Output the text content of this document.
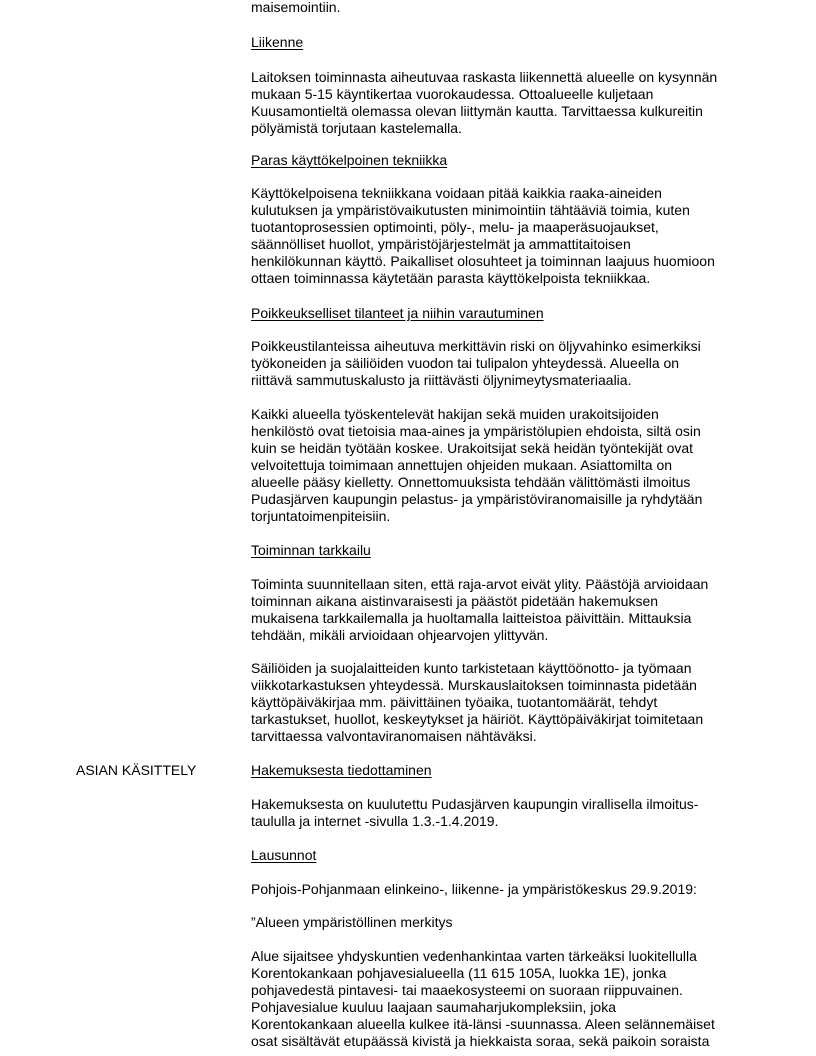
maisemointiin.
Liikenne
Laitoksen toiminnasta aiheutuvaa raskasta liikennettä alueelle on kysynnän
mukaan 5-15 käyntikertaa vuorokaudessa. Ottoalueelle kuljetaan
Kuusamontieltä olemassa olevan liittymän kautta. Tarvittaessa kulkureitin
pölyämistä torjutaan kastelemalla.
Paras käyttökelpoinen tekniikka
Käyttökelpoisena tekniikkana voidaan pitää kaikkia raaka-aineiden
kulutuksen ja ympäristövaikutusten minimointiin tähtääviä toimia, kuten
tuotantoprosessien optimointi, pöly-, melu- ja maaperäsuojaukset,
säännölliset huollot, ympäristöjärjestelmät ja ammattitaitoisen
henkilökunnan käyttö. Paikalliset olosuhteet ja toiminnan laajuus huomioon
ottaen toiminnassa käytetään parasta käyttökelpoista tekniikkaa.
Poikkeukselliset tilanteet ja niihin varautuminen
Poikkeustilanteissa aiheutuva merkittävin riski on öljyvahinko esimerkiksi
työkoneiden ja säiliöiden vuodon tai tulipalon yhteydessä. Alueella on
riittävä sammutuskalusto ja riittävästi öljynimeytysmateriaalia.
Kaikki alueella työskentelevät hakijan sekä muiden urakoitsijoiden
henkilöstö ovat tietoisia maa-aines ja ympäristölupien ehdoista, siltä osin
kuin se heidän työtään koskee. Urakoitsijat sekä heidän työntekijät ovat
velvoitettuja toimimaan annettujen ohjeiden mukaan. Asiattomilta on
alueelle pääsy kielletty. Onnettomuuksista tehdään välittömästi ilmoitus
Pudasjärven kaupungin pelastus- ja ympäristöviranomaisille ja ryhdytään
torjuntatoimenpiteisiin.
Toiminnan tarkkailu
Toiminta suunnitellaan siten, että raja-arvot eivät ylity. Päästöjä arvioidaan
toiminnan aikana aistinvaraisesti ja päästöt pidetään hakemuksen
mukaisena tarkkailemalla ja huoltamalla laitteistoa päivittäin. Mittauksia
tehdään, mikäli arvioidaan ohjearvojen ylittyvän.
Säiliöiden ja suojalaitteiden kunto tarkistetaan käyttöönotto- ja työmaan
viikkotarkastuksen yhteydessä. Murskauslaitoksen toiminnasta pidetään
käyttöpäiväkirjaa mm. päivittäinen työaika, tuotantomäärät, tehdyt
tarkastukset, huollot, keskeytykset ja häiriöt. Käyttöpäiväkirjat toimitetaan
tarvittaessa valvontaviranomaisen nähtäväksi.
ASIAN KÄSITTELY	Hakemuksesta tiedottaminen
Hakemuksesta on kuulutettu Pudasjärven kaupungin virallisella ilmoitus-
taululla ja internet -sivulla 1.3.-1.4.2019.
Lausunnot
Pohjois-Pohjanmaan elinkeino-, liikenne- ja ympäristökeskus 29.9.2019:
”Alueen ympäristöllinen merkitys
Alue sijaitsee yhdyskuntien vedenhankintaa varten tärkeäksi luokitellulla
Korentokankaan pohjavesialueella (11 615 105A, luokka 1E), jonka
pohjavedestä pintavesi- tai maaekosysteemi on suoraan riippuvainen.
Pohjavesialue kuuluu laajaan saumaharjukompleksiin, joka
Korentokankaan alueella kulkee itä-länsi -suunnassa. Aleen selännemäiset
osat sisältävät etupäässä kivistä ja hiekkaista soraa, sekä paikoin soraista
